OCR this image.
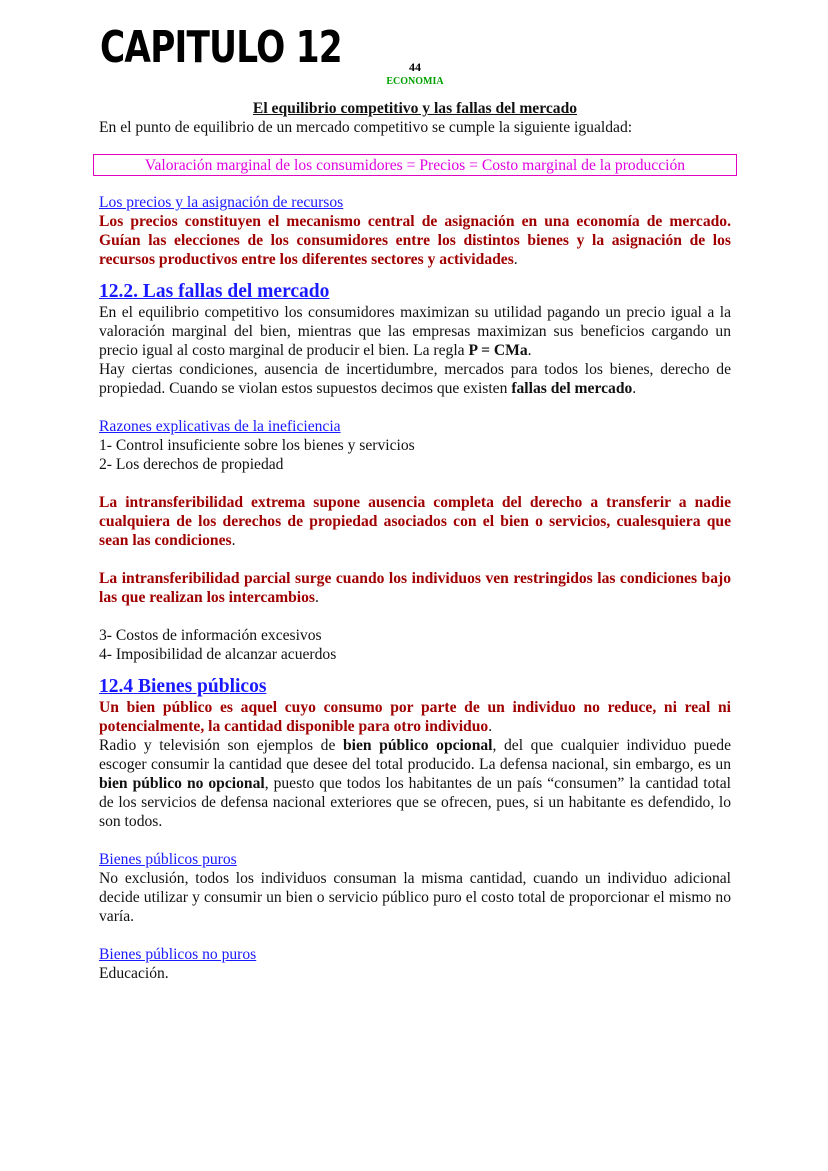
CAPITULO 12	44
ECONOMIA
El equilibrio competitivo y las fallas del mercado

En el punto de equilibrio de un mercado competitivo se cumple la siguiente igualdad:

Valoración marginal de los consumidores = Precios = Costo marginal de la producción
Los precios y la asignación de recursos

Los precios constituyen el mecanismo central de asignación en una economía de mercado. Guían las elecciones de los consumidores entre los distintos bienes y la asignación de los recursos productivos entre los diferentes sectores y actividades.

12.2. Las fallas del mercado

En el equilibrio competitivo los consumidores maximizan su utilidad pagando un precio igual a la valoración marginal del bien, mientras que las empresas maximizan sus beneficios cargando un precio igual al costo marginal de producir el bien. La regla P = CMa.

Hay ciertas condiciones, ausencia de incertidumbre, mercados para todos los bienes, derecho de propiedad. Cuando se violan estos supuestos decimos que existen fallas del mercado.

Razones explicativas de la ineficiencia

1- Control insuficiente sobre los bienes y servicios

2- Los derechos de propiedad

La intransferibilidad extrema supone ausencia completa del derecho a transferir a nadie cualquiera de los derechos de propiedad asociados con el bien o servicios, cualesquiera que sean las condiciones.

La intransferibilidad parcial surge cuando los individuos ven restringidos las condiciones bajo las que realizan los intercambios.

3- Costos de información excesivos

4- Imposibilidad de alcanzar acuerdos

12.4 Bienes públicos

Un bien público es aquel cuyo consumo por parte de un individuo no reduce, ni real ni potencialmente, la cantidad disponible para otro individuo.

Radio y televisión son ejemplos de bien público opcional, del que cualquier individuo puede escoger consumir la cantidad que desee del total producido. La defensa nacional, sin embargo, es un bien público no opcional, puesto que todos los habitantes de un país “consumen” la cantidad total de los servicios de defensa nacional exteriores que se ofrecen, pues, si un habitante es defendido, lo son todos.

Bienes públicos puros

No exclusión, todos los individuos consuman la misma cantidad, cuando un individuo adicional decide utilizar y consumir un bien o servicio público puro el costo total de proporcionar el mismo no varía.

Bienes públicos no puros

Educación.
